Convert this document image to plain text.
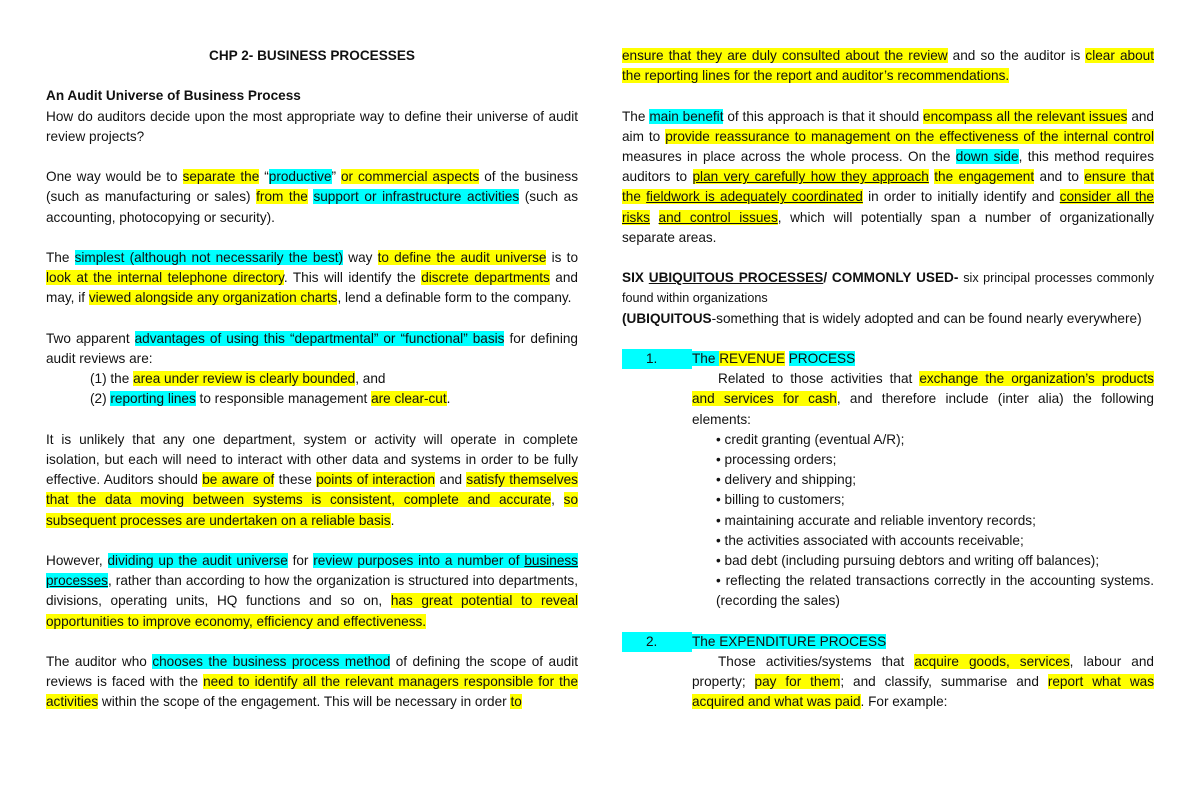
CHP 2- BUSINESS PROCESSES
An Audit Universe of Business Process
How do auditors decide upon the most appropriate way to define their universe of audit review projects?
One way would be to separate the “productive” or commercial aspects of the business (such as manufacturing or sales) from the support or infrastructure activities (such as accounting, photocopying or security).
The simplest (although not necessarily the best) way to define the audit universe is to look at the internal telephone directory. This will identify the discrete departments and may, if viewed alongside any organization charts, lend a definable form to the company.
Two apparent advantages of using this “departmental” or “functional” basis for defining audit reviews are:
(1) the area under review is clearly bounded, and
(2) reporting lines to responsible management are clear-cut.
It is unlikely that any one department, system or activity will operate in complete isolation, but each will need to interact with other data and systems in order to be fully effective. Auditors should be aware of these points of interaction and satisfy themselves that the data moving between systems is consistent, complete and accurate, so subsequent processes are undertaken on a reliable basis.
However, dividing up the audit universe for review purposes into a number of business processes, rather than according to how the organization is structured into departments, divisions, operating units, HQ functions and so on, has great potential to reveal opportunities to improve economy, efficiency and effectiveness.
The auditor who chooses the business process method of defining the scope of audit reviews is faced with the need to identify all the relevant managers responsible for the activities within the scope of the engagement. This will be necessary in order to
ensure that they are duly consulted about the review and so the auditor is clear about the reporting lines for the report and auditor’s recommendations.
The main benefit of this approach is that it should encompass all the relevant issues and aim to provide reassurance to management on the effectiveness of the internal control measures in place across the whole process. On the down side, this method requires auditors to plan very carefully how they approach the engagement and to ensure that the fieldwork is adequately coordinated in order to initially identify and consider all the risks and control issues, which will potentially span a number of organizationally separate areas.
SIX UBIQUITOUS PROCESSES/ COMMONLY USED- six principal processes commonly found within organizations
(UBIQUITOUS-something that is widely adopted and can be found nearly everywhere)
1.	The REVENUE PROCESS
Related to those activities that exchange the organization’s products and services for cash, and therefore include (inter alia) the following elements:
• credit granting (eventual A/R);
• processing orders;
• delivery and shipping;
• billing to customers;
• maintaining accurate and reliable inventory records;
• the activities associated with accounts receivable;
• bad debt (including pursuing debtors and writing off balances);
• reflecting the related transactions correctly in the accounting systems. (recording the sales)
2.	The EXPENDITURE PROCESS
Those activities/systems that acquire goods, services, labour and property; pay for them; and classify, summarise and report what was acquired and what was paid. For example:
